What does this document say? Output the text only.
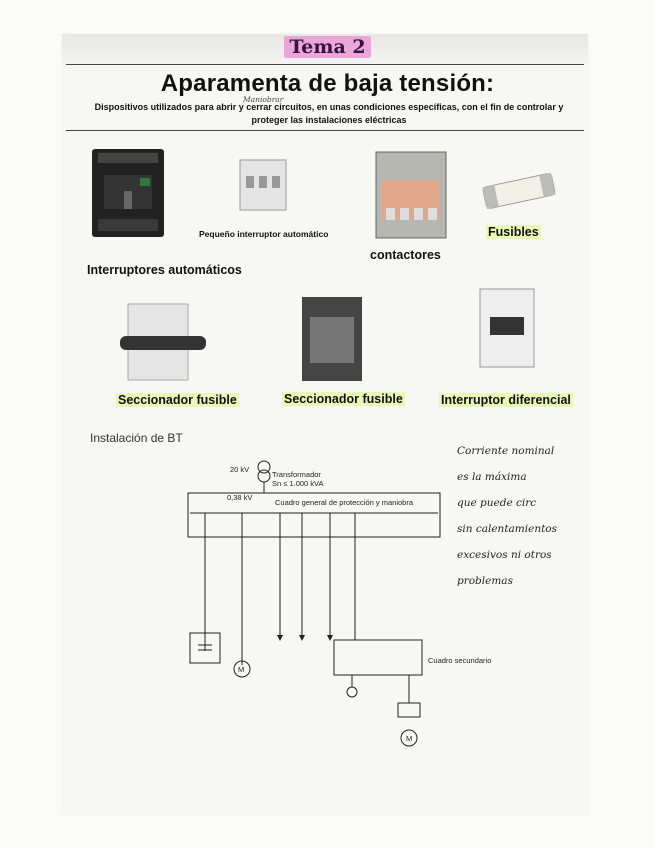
Tema 2
Aparamenta de baja tensión:
Maniobrar
Dispositivos utilizados para abrir y cerrar circuitos, en unas condiciones específicas, con el fin de controlar y proteger las instalaciones eléctricas
Pequeño interruptor automático	Fusibles
contactores
Interruptores automáticos
Seccionador fusible	Seccionador fusible	Interruptor diferencial
Instalación de BT
20 kV
Transformador
Sn ≤ 1.000 kVA
0,38 kV
Cuadro general de protección y maniobra
Cuadro secundario
M
M
Corriente nominal
es la máxima
que puede circ
sin calentamientos
excesivos ni otros
problemas
